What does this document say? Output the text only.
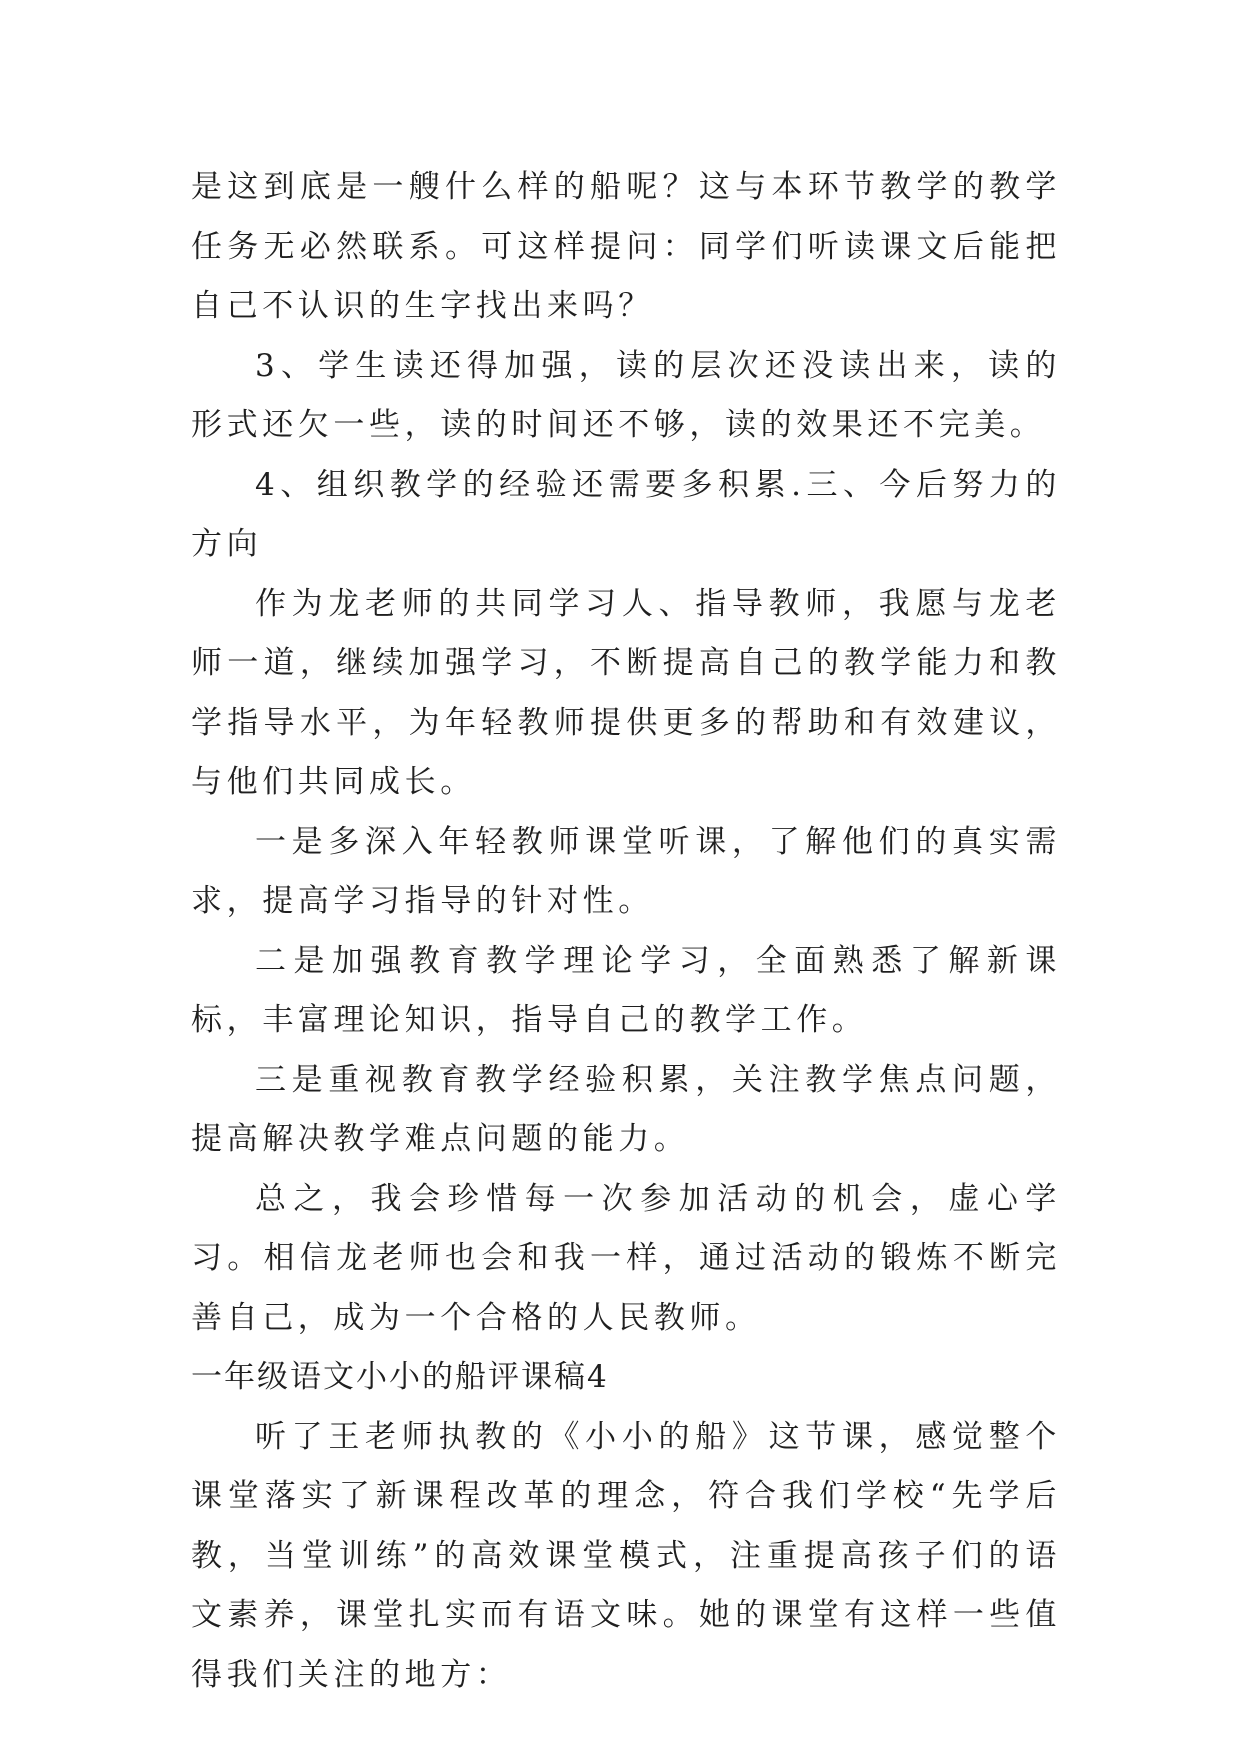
是这到底是一艘什么样的船呢？这与本环节教学的教学任务无必然联系。可这样提问：同学们听读课文后能把自己不认识的生字找出来吗？

3、学生读还得加强，读的层次还没读出来，读的形式还欠一些，读的时间还不够，读的效果还不完美。

4、组织教学的经验还需要多积累.三、今后努力的方向

作为龙老师的共同学习人、指导教师，我愿与龙老师一道，继续加强学习，不断提高自己的教学能力和教学指导水平，为年轻教师提供更多的帮助和有效建议，与他们共同成长。

一是多深入年轻教师课堂听课，了解他们的真实需求，提高学习指导的针对性。

二是加强教育教学理论学习，全面熟悉了解新课标，丰富理论知识，指导自己的教学工作。

三是重视教育教学经验积累，关注教学焦点问题，提高解决教学难点问题的能力。

总之，我会珍惜每一次参加活动的机会，虚心学习。相信龙老师也会和我一样，通过活动的锻炼不断完善自己，成为一个合格的人民教师。

一年级语文小小的船评课稿4

听了王老师执教的《小小的船》这节课，感觉整个课堂落实了新课程改革的理念，符合我们学校“先学后教，当堂训练”的高效课堂模式，注重提高孩子们的语文素养，课堂扎实而有语文味。她的课堂有这样一些值得我们关注的地方：
